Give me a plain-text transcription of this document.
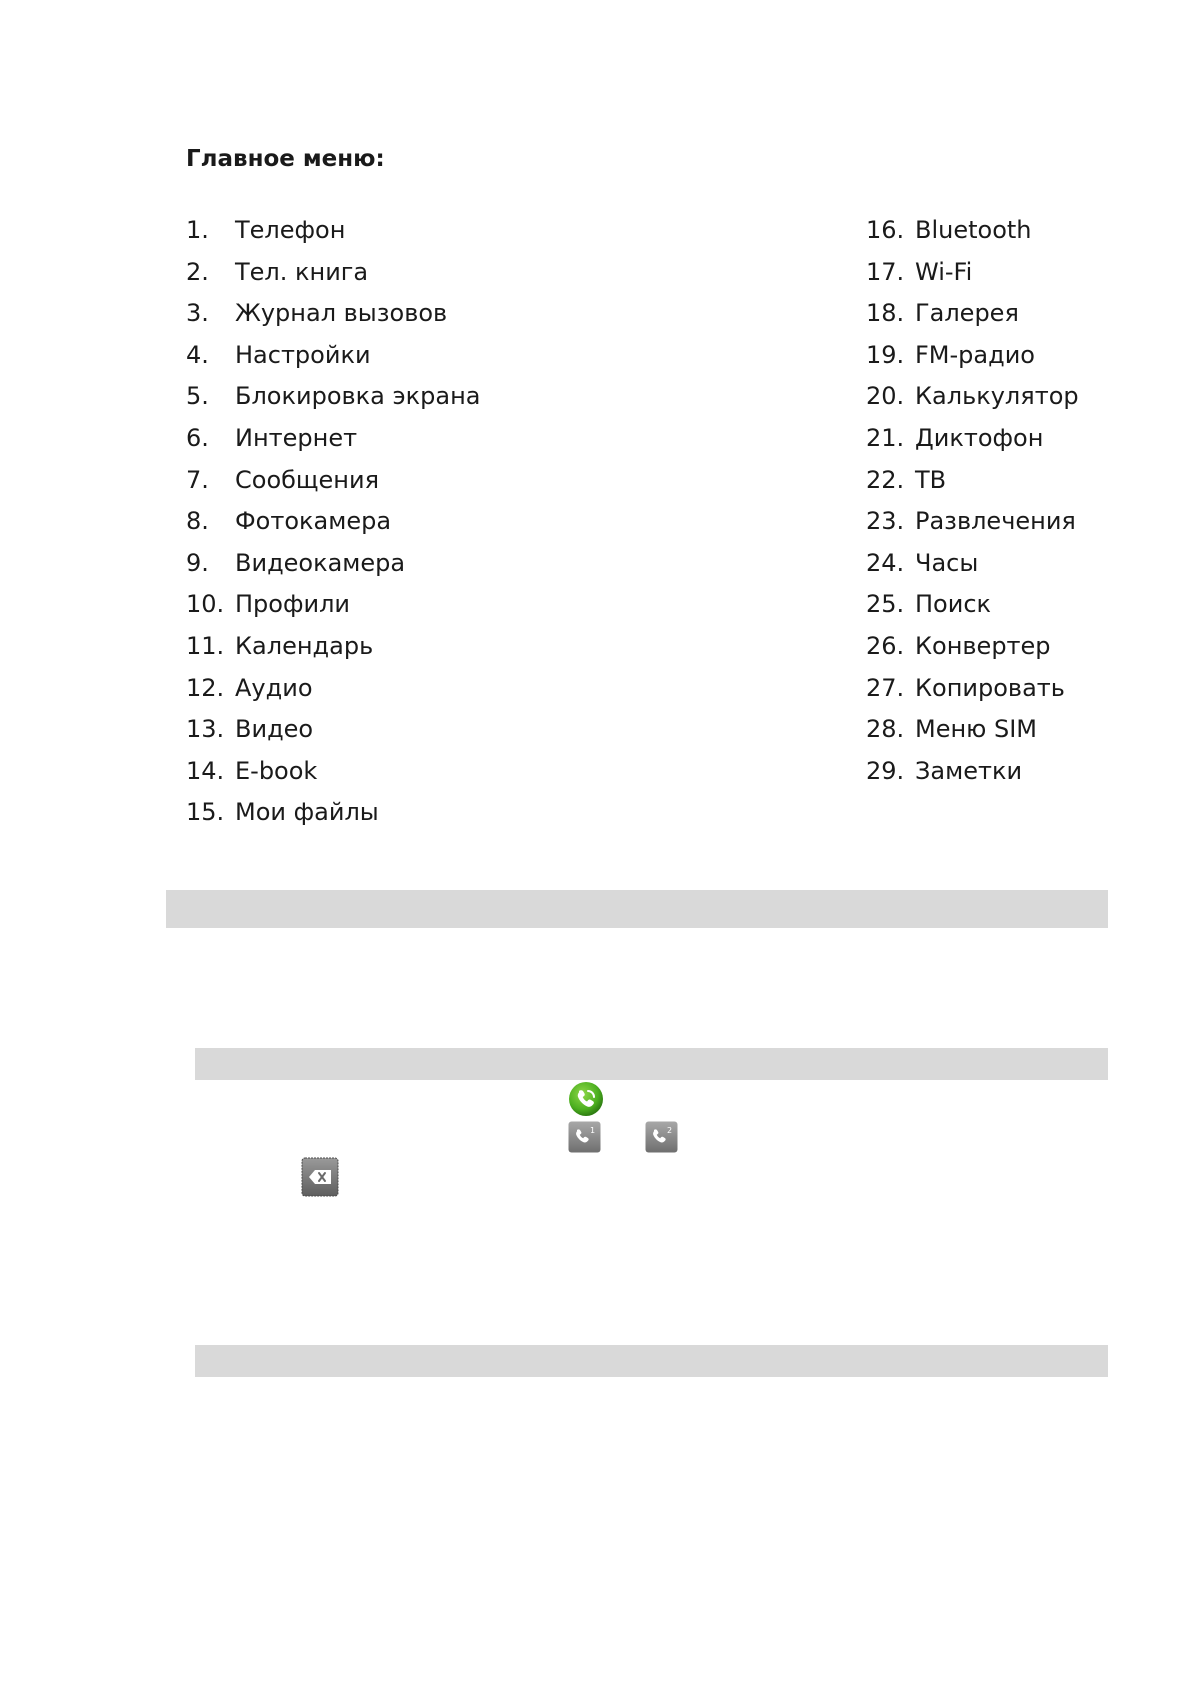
Главное меню:
1.	Телефон
2.	Тел. книга
3.	Журнал вызовов
4.	Настройки
5.	Блокировка экрана
6.	Интернет
7.	Сообщения
8.	Фотокамера
9.	Видеокамера
10. Профили
11. Календарь
12. Аудио
13. Видео
14. E-book
15. Мои файлы
16. Bluetooth
17. Wi-Fi
18. Галерея
19. FM-радио
20. Калькулятор
21. Диктофон
22. ТВ
23. Развлечения
24. Часы
25. Поиск
26. Конвертер
27. Копировать
28. Меню SIM
29. Заметки
1	2
